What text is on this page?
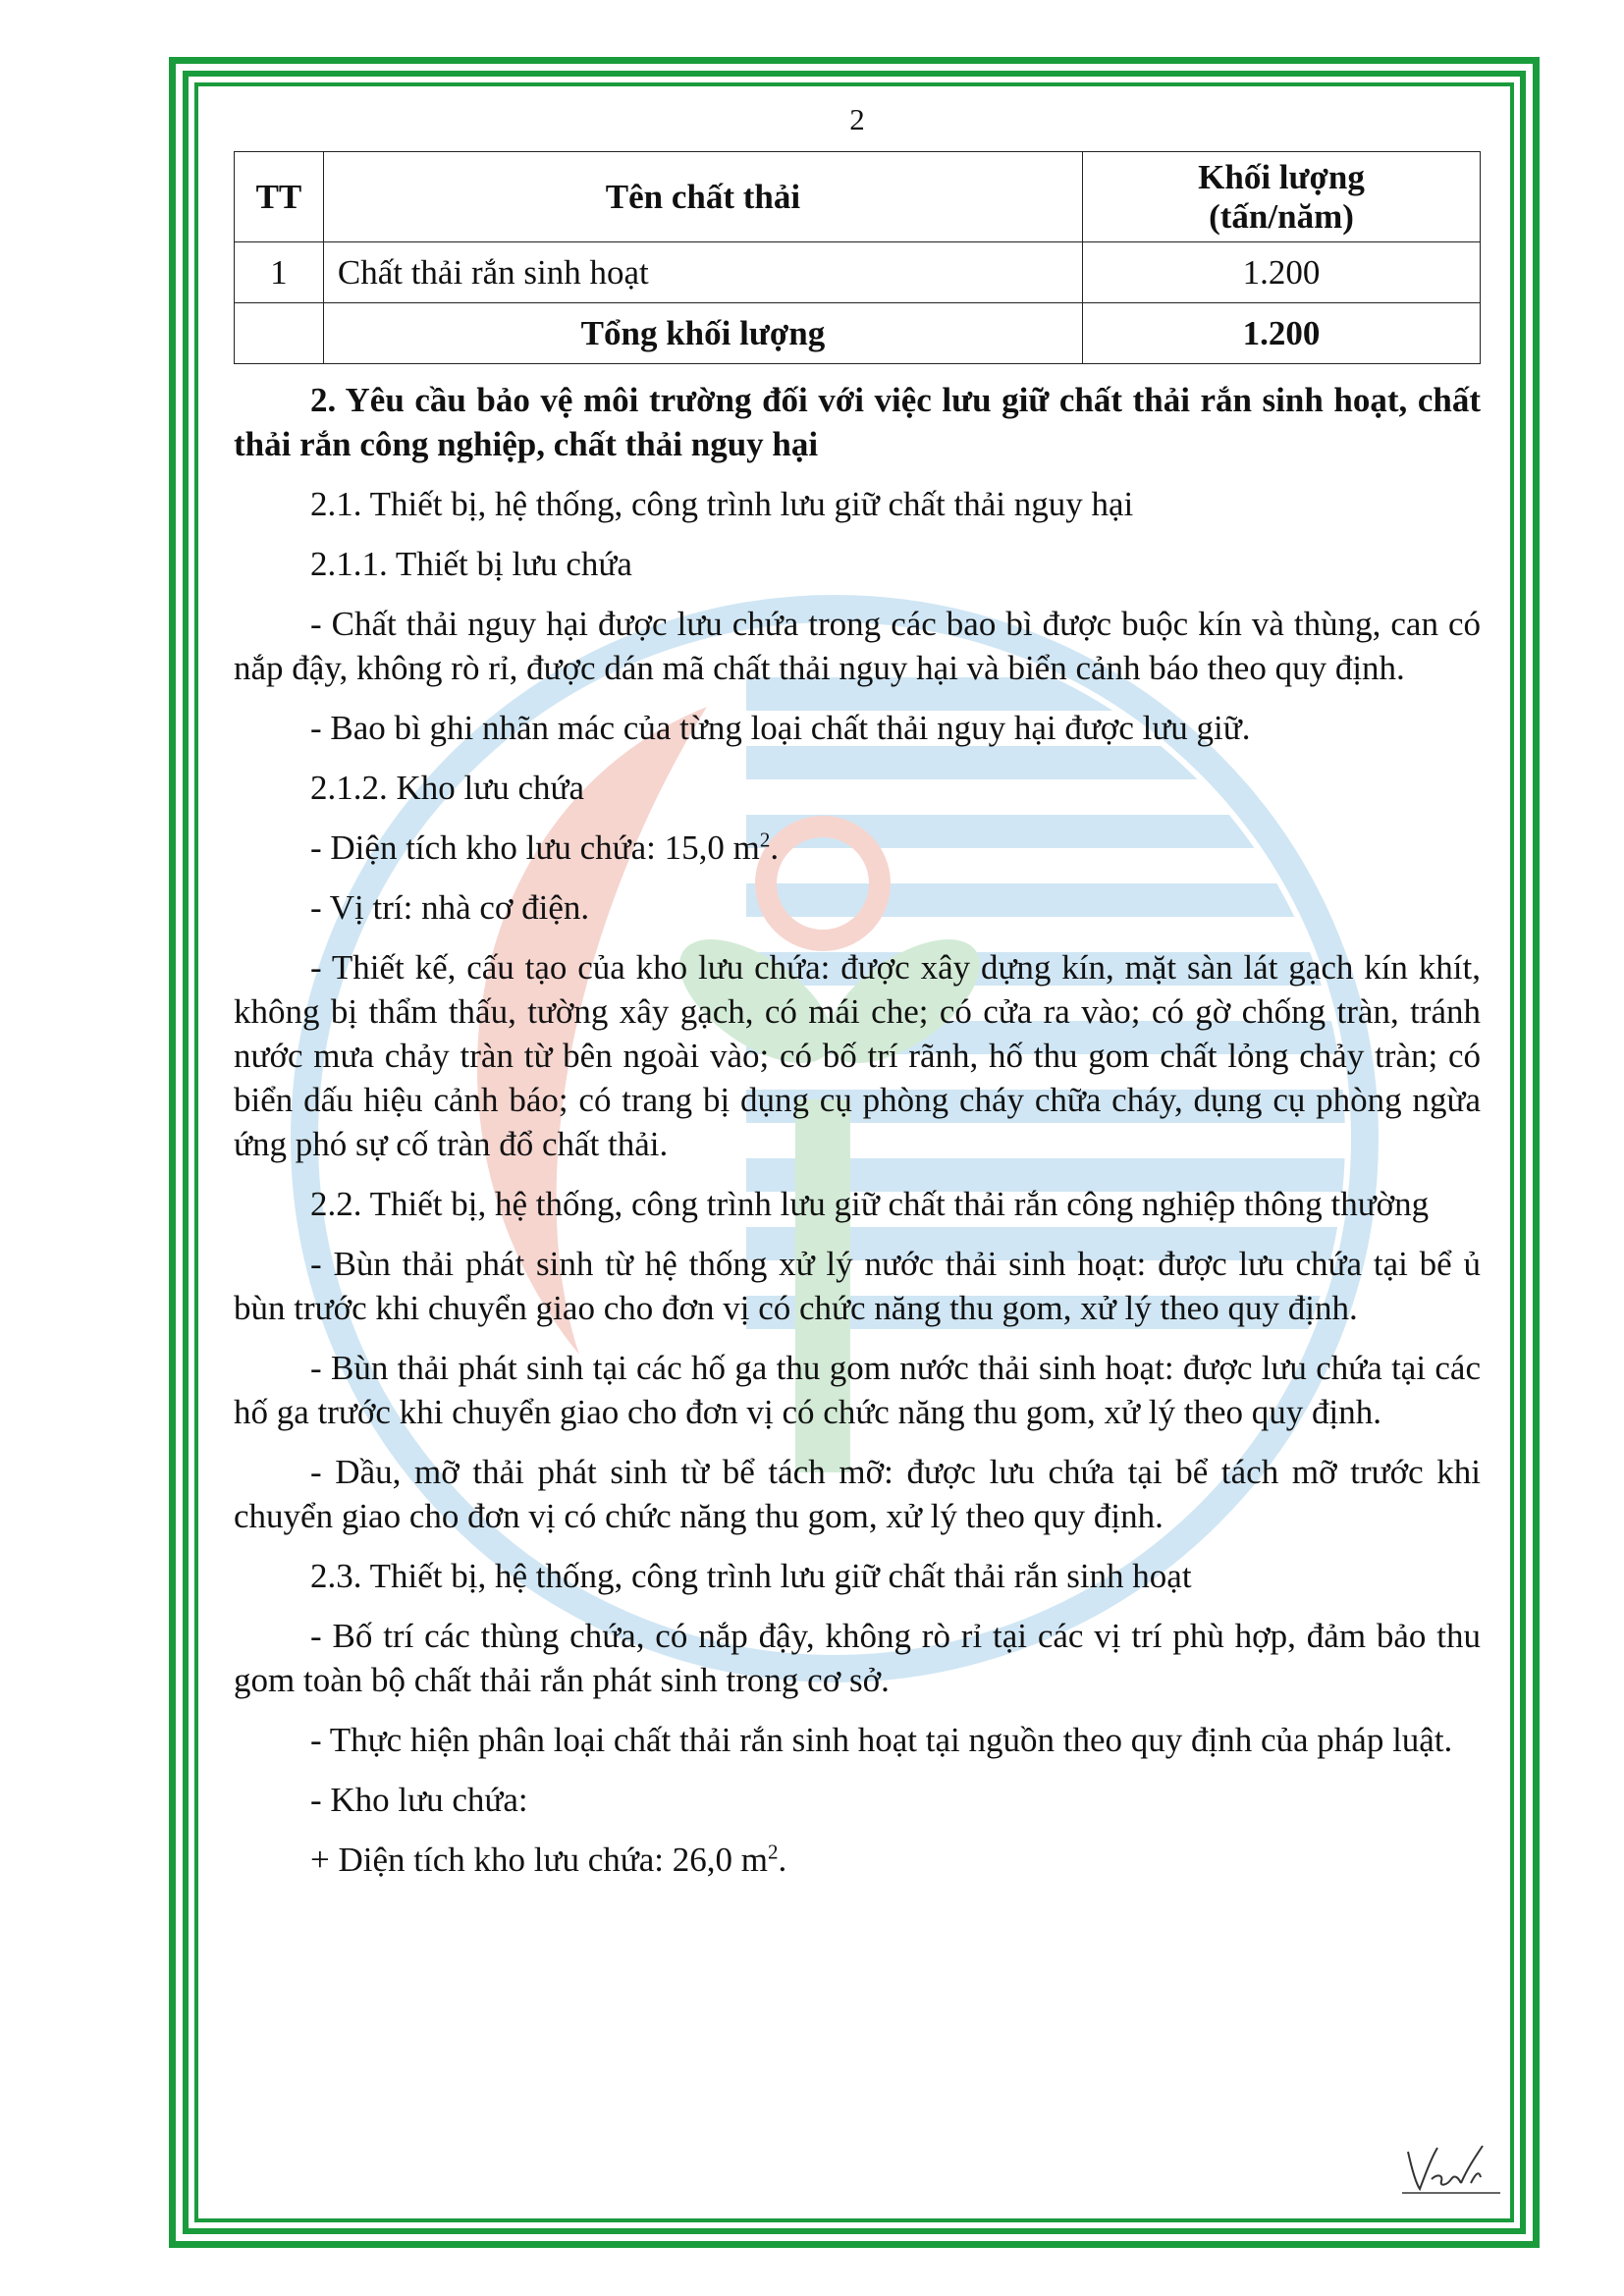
2
TT	Tên chất thải	Khối lượng
(tấn/năm)

1	Chất thải rắn sinh hoạt	1.200
	Tổng khối lượng	1.200

2. Yêu cầu bảo vệ môi trường đối với việc lưu giữ chất thải rắn sinh hoạt, chất thải rắn công nghiệp, chất thải nguy hại

2.1. Thiết bị, hệ thống, công trình lưu giữ chất thải nguy hại

2.1.1. Thiết bị lưu chứa

- Chất thải nguy hại được lưu chứa trong các bao bì được buộc kín và thùng, can có nắp đậy, không rò rỉ, được dán mã chất thải nguy hại và biển cảnh báo theo quy định.

- Bao bì ghi nhãn mác của từng loại chất thải nguy hại được lưu giữ.

2.1.2. Kho lưu chứa

- Diện tích kho lưu chứa: 15,0 $m^2$.

- Vị trí: nhà cơ điện.

- Thiết kế, cấu tạo của kho lưu chứa: được xây dựng kín, mặt sàn lát gạch kín khít, không bị thẩm thấu, tường xây gạch, có mái che; có cửa ra vào; có gờ chống tràn, tránh nước mưa chảy tràn từ bên ngoài vào; có bố trí rãnh, hố thu gom chất lỏng chảy tràn; có biển dấu hiệu cảnh báo; có trang bị dụng cụ phòng cháy chữa cháy, dụng cụ phòng ngừa ứng phó sự cố tràn đổ chất thải.

2.2. Thiết bị, hệ thống, công trình lưu giữ chất thải rắn công nghiệp thông thường

- Bùn thải phát sinh từ hệ thống xử lý nước thải sinh hoạt: được lưu chứa tại bể ủ bùn trước khi chuyển giao cho đơn vị có chức năng thu gom, xử lý theo quy định.

- Bùn thải phát sinh tại các hố ga thu gom nước thải sinh hoạt: được lưu chứa tại các hố ga trước khi chuyển giao cho đơn vị có chức năng thu gom, xử lý theo quy định.

- Dầu, mỡ thải phát sinh từ bể tách mỡ: được lưu chứa tại bể tách mỡ trước khi chuyển giao cho đơn vị có chức năng thu gom, xử lý theo quy định.

2.3. Thiết bị, hệ thống, công trình lưu giữ chất thải rắn sinh hoạt

- Bố trí các thùng chứa, có nắp đậy, không rò rỉ tại các vị trí phù hợp, đảm bảo thu gom toàn bộ chất thải rắn phát sinh trong cơ sở.

- Thực hiện phân loại chất thải rắn sinh hoạt tại nguồn theo quy định của pháp luật.

- Kho lưu chứa:

+ Diện tích kho lưu chứa: 26,0 $m^2$.
